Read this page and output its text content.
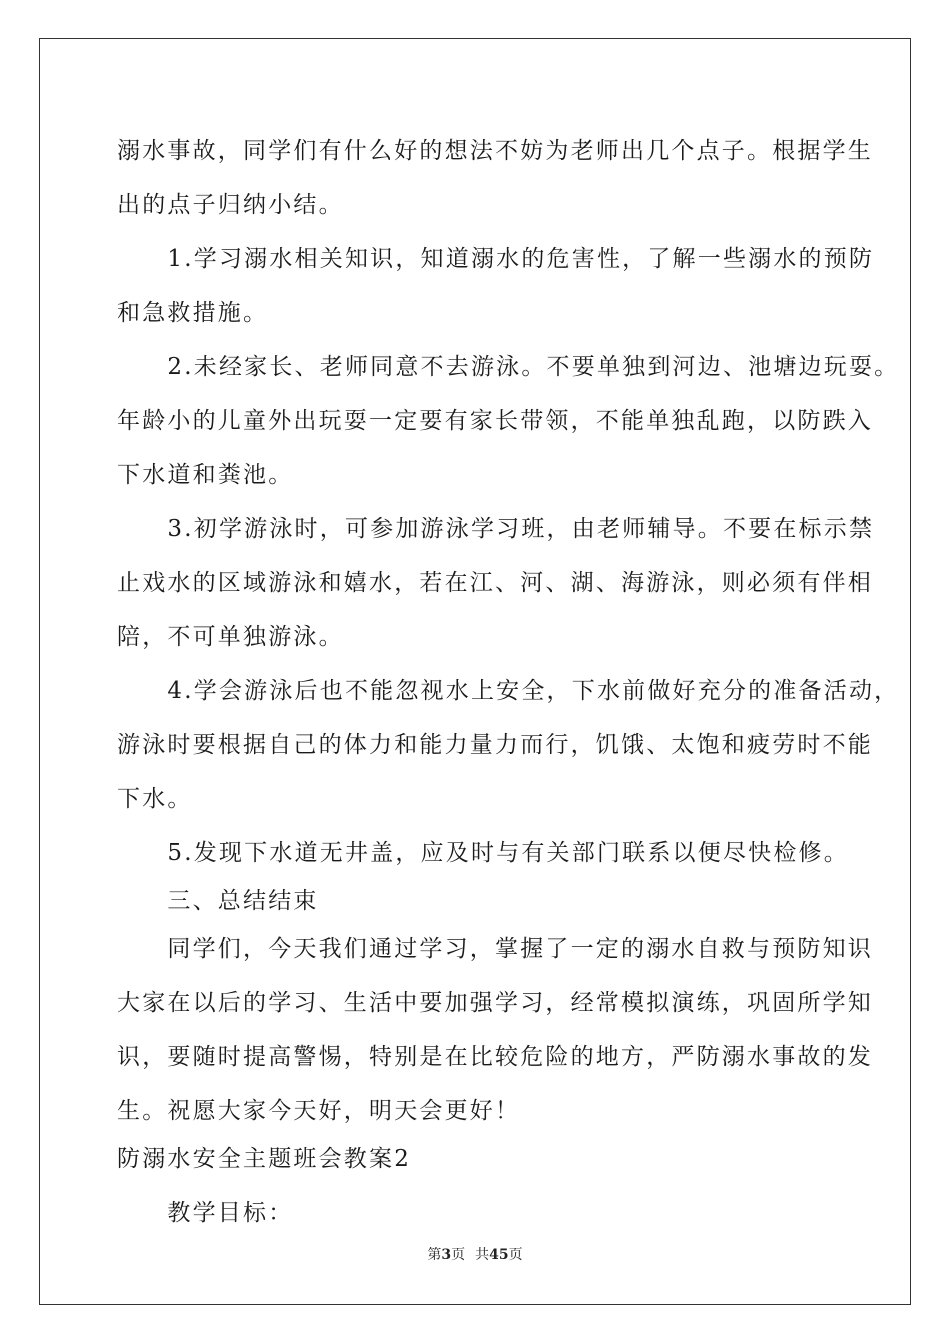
溺水事故，同学们有什么好的想法不妨为老师出几个点子。根据学生
出的点子归纳小结。
　　1.学习溺水相关知识，知道溺水的危害性，了解一些溺水的预防
和急救措施。
　　2.未经家长、老师同意不去游泳。不要单独到河边、池塘边玩耍。
年龄小的儿童外出玩耍一定要有家长带领，不能单独乱跑，以防跌入
下水道和粪池。
　　3.初学游泳时，可参加游泳学习班，由老师辅导。不要在标示禁
止戏水的区域游泳和嬉水，若在江、河、湖、海游泳，则必须有伴相
陪，不可单独游泳。
　　4.学会游泳后也不能忽视水上安全，下水前做好充分的准备活动，
游泳时要根据自己的体力和能力量力而行，饥饿、太饱和疲劳时不能
下水。
　　5.发现下水道无井盖，应及时与有关部门联系以便尽快检修。
　　三、总结结束
　　同学们，今天我们通过学习，掌握了一定的溺水自救与预防知识
大家在以后的学习、生活中要加强学习，经常模拟演练，巩固所学知
识，要随时提高警惕，特别是在比较危险的地方，严防溺水事故的发
生。祝愿大家今天好，明天会更好！
防溺水安全主题班会教案2
　　教学目标：
第3页 共45页
